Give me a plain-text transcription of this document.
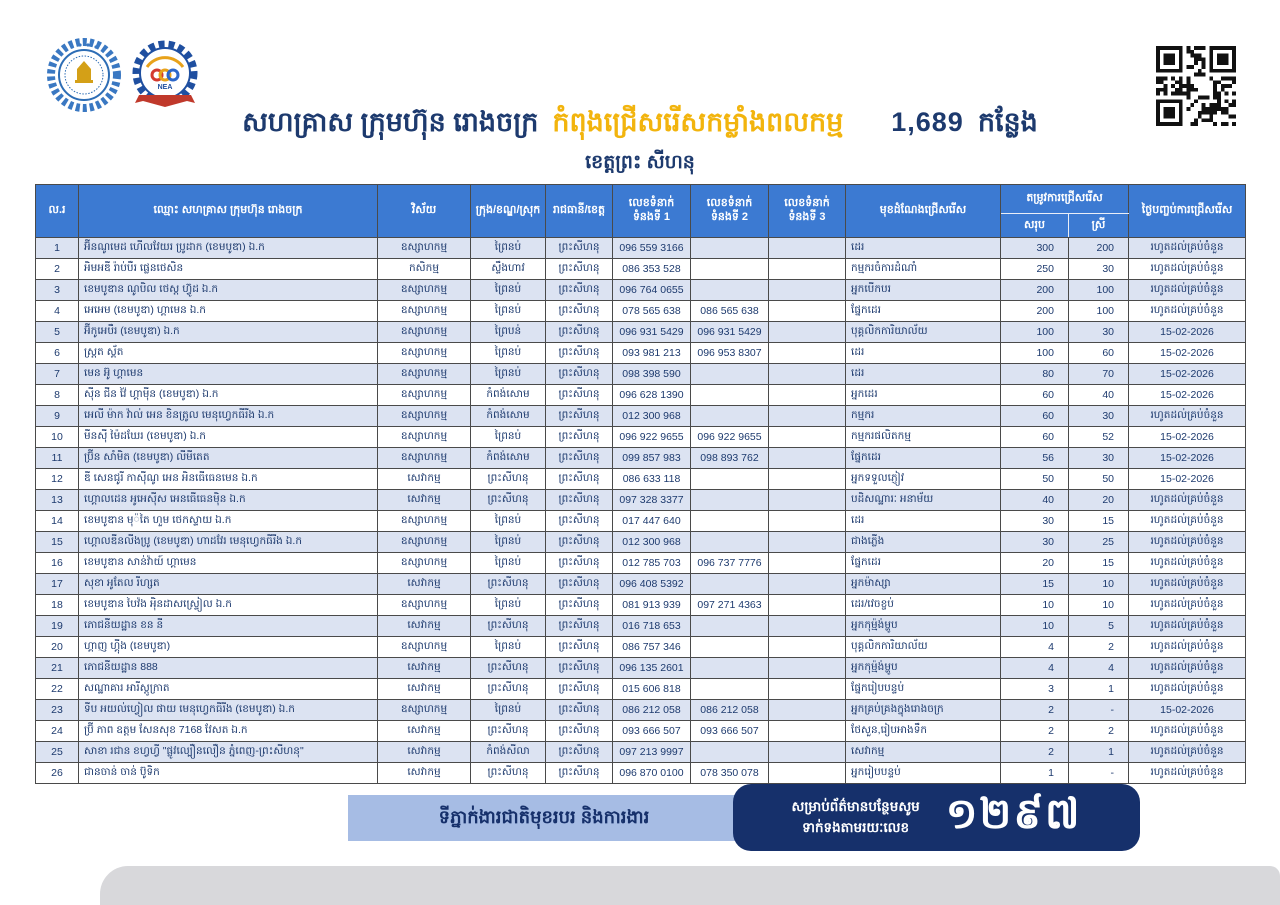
NEA
សហគ្រាស ក្រុមហ៊ុន រោងចក្រ កំពុងជ្រើសរើសកម្លាំងពលកម្ម 1,689 កន្លែង
ខេត្តព្រះ សីហនុ
ល.រ	ឈ្មោះ សហគ្រាស ក្រុមហ៊ុន រោងចក្រ	វិស័យ	ក្រុង/ខណ្ឌ/ស្រុក	រាជធានី/ខេត្ត	លេខទំនាក់ទំនងទី 1	លេខទំនាក់ទំនងទី 2	លេខទំនាក់ទំនងទី 3	មុខដំណែងជ្រើសរើស	តម្រូវការជ្រើសរើស		ថ្ងៃបញ្ចប់ការជ្រើសរើស
									សរុប	ស្រី	
1	អ៊ីនណូមេដ ហើលវែយរ ប្រូដាក (ខេមបូឌា) ឯ.ក	ឧស្សាហកម្ម	ព្រៃនប់	ព្រះសីហនុ	096 559 3166			ដេរ	300	200	រហូតដល់គ្រប់ចំនួន
2	អិមអឌី រ៉ាប់បឺរ ផ្លេនថេសិន	កសិកម្ម	ស្ទឹងហាវ	ព្រះសីហនុ	086 353 528			កម្មករចំការដំណាំ	250	30	រហូតដល់គ្រប់ចំនួន
3	ខេមបូឌាន ណូបិល ថេស្ដ ហ៊្វូដ ឯ.ក	ឧស្សាហកម្ម	ព្រៃនប់	ព្រះសីហនុ	096 764 0655			អ្នកបើកបរ	200	100	រហូតដល់គ្រប់ចំនួន
4	អេអេម (ខេមបូឌា) ហ្គាមេន ឯ.ក	ឧស្សាហកម្ម	ព្រៃនប់	ព្រះសីហនុ	078 565 638	086 565 638		ផ្នែកដេរ	200	100	រហូតដល់គ្រប់ចំនួន
5	អ៊ីកូអេបឺរ (ខេមបូឌា) ឯ.ក	ឧស្សាហកម្ម	ព្រៃបន់	ព្រះសីហនុ	096 931 5429	096 931 5429		បុគ្គលិកការិយាល័យ	100	30	15-02-2026
6	ស្ត្រត ស្គ័ត	ឧស្សាហកម្ម	ព្រៃនប់	ព្រះសីហនុ	093 981 213	096 953 8307		ដេរ	100	60	15-02-2026
7	មេន អ៊ូ ហ្គាមេន	ឧស្សាហកម្ម	ព្រៃនប់	ព្រះសីហនុ	098 398 590			ដេរ	80	70	15-02-2026
8	ស៊ីន ជីន វ៉ៃ ហ្គាមុីន (ខេមបូឌា) ឯ.ក	ឧស្សាហកម្ម	កំពង់សោម	ព្រះសីហនុ	096 628 1390			អ្នកដេរ	60	40	15-02-2026
9	អេលី ម៉ាក វ៉ាល់ អេន ខិនត្រូល មេនុហ្វេកធីរីង ឯ.ក	ឧស្សាហកម្ម	កំពង់សោម	ព្រះសីហនុ	012 300 968			កម្មករ	60	30	រហូតដល់គ្រប់ចំនួន
10	មីនសុី ម៉ៃដឃែរ (ខេមបូឌា) ឯ.ក	ឧស្សាហកម្ម	ព្រៃនប់	ព្រះសីហនុ	096 922 9655	096 922 9655		កម្មករផលិតកម្ម	60	52	15-02-2026
11	ប្រ៊ីន សាំមិត (ខេមបូឌា) លីមីតេត	ឧស្សាហកម្ម	កំពង់សោម	ព្រះសីហនុ	099 857 983	098 893 762		ផ្នែកដេរ	56	30	15-02-2026
12	ឌី សេនជូរី កាស៊ីណូ អេន អិនធើធេនមេន ឯ.ក	សេវាកម្ម	ព្រះសីហនុ	ព្រះសីហនុ	086 633 118			អ្នកទទួលភ្ញៀវ	50	50	15-02-2026
13	ហ្គោលដេន អូអេស៊ីស អេនធើធេនមុិន ឯ.ក	សេវាកម្ម	ព្រះសីហនុ	ព្រះសីហនុ	097 328 3377			បដិសណ្ឋារៈ អនាម័យ	40	20	រហូតដល់គ្រប់ចំនួន
14	ខេមបូឌាន មុ៉តៃ ហួម ថេកស្ទាយ ឯ.ក	ឧស្សាហកម្ម	ព្រៃនប់	ព្រះសីហនុ	017 447 640			ដេរ	30	15	រហូតដល់គ្រប់ចំនួន
15	ហ្គោលឌីនលីងប្រូ (ខេមបូឌា) ហាដវែរ មេនុហ្វេកធីរីង ឯ.ក	ឧស្សាហកម្ម	ព្រៃនប់	ព្រះសីហនុ	012 300 968			ជាងភ្លើង	30	25	រហូតដល់គ្រប់ចំនួន
16	ខេមបូឌាន សាន់វ៉ាយ៍ ហ្គាមេន	ឧស្សាហកម្ម	ព្រៃនប់	ព្រះសីហនុ	012 785 703	096 737 7776		ផ្នែកដេរ	20	15	រហូតដល់គ្រប់ចំនួន
17	សុខា អូតែល រីហ្សត	សេវាកម្ម	ព្រះសីហនុ	ព្រះសីហនុ	096 408 5392			អ្នកម៉ាស្សា	15	10	រហូតដល់គ្រប់ចំនួន
18	ខេមបូឌាន បៃវ៉ង អុិនដាសស្រ្ទៀល ឯ.ក	ឧស្សាហកម្ម	ព្រៃនប់	ព្រះសីហនុ	081 913 939	097 271 4363		ដេរ/វេចខ្ចប់	10	10	រហូតដល់គ្រប់ចំនួន
19	ភោជនីយដ្ឋាន ខន នី	សេវាកម្ម	ព្រះសីហនុ	ព្រះសីហនុ	016 718 653			អ្នកកុម្ម៉ង់ម្ហូប	10	5	រហូតដល់គ្រប់ចំនួន
20	ហ្គាញ ហ្គុីង (ខេមបូឌា)	ឧស្សាហកម្ម	ព្រៃនប់	ព្រះសីហនុ	086 757 346			បុគ្គលិកការិយាល័យ	4	2	រហូតដល់គ្រប់ចំនួន
21	ភោជនីយដ្ឋាន 888	សេវាកម្ម	ព្រះសីហនុ	ព្រះសីហនុ	096 135 2601			អ្នកកុម្ម៉ង់ម្ហូប	4	4	រហូតដល់គ្រប់ចំនួន
22	សណ្ឋាគារ អារីស្តូក្រាត	សេវាកម្ម	ព្រះសីហនុ	ព្រះសីហនុ	015 606 818			ផ្នែករៀបបន្ទប់	3	1	រហូតដល់គ្រប់ចំនួន
23	ទីប អយល់ហ្វៀល ផាយ មេនុហ្វេកធីរីង (ខេមបូឌា) ឯ.ក	ឧស្សាហកម្ម	ព្រៃនប់	ព្រះសីហនុ	086 212 058	086 212 058		អ្នកគ្រប់គ្រងក្នុងរោងចក្រ	2	-	15-02-2026
24	ប្រ៊ី ភាព ឧត្តម សែនសុខ 7168 វែសត ឯ.ក	សេវាកម្ម	ព្រះសីហនុ	ព្រះសីហនុ	093 666 507	093 666 507		ថែសួន,រៀបអាងទឹក	2	2	រហូតដល់គ្រប់ចំនួន
25	សាខា រជាន ខហ្វហ្វី "ផ្លូវល្បឿនលឿន ភ្នំពេញ-ព្រះសីហនុ"	សេវាកម្ម	កំពង់សីលា	ព្រះសីហនុ	097 213 9997			សេវាកម្ម	2	1	រហូតដល់គ្រប់ចំនួន
26	ជានចាន់ ចាន់ ប៊ូទិក	សេវាកម្ម	ព្រះសីហនុ	ព្រះសីហនុ	096 870 0100	078 350 078		អ្នករៀបបន្ទប់	1	-	រហូតដល់គ្រប់ចំនួន
ទីភ្នាក់ងារជាតិមុខរបរ និងការងារ
សម្រាប់ព័ត៌មានបន្ថែមសូម
ទាក់ទងតាមរយៈលេខ ១២៩៧
